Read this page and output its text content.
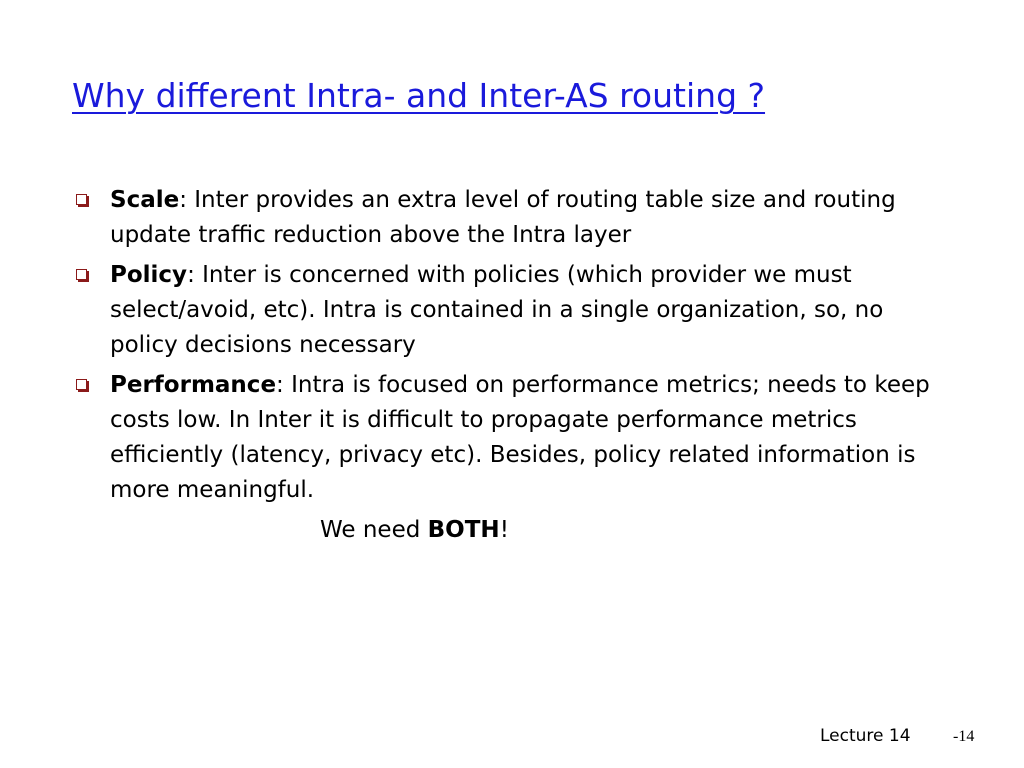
Why different Intra- and Inter-AS routing ?
Scale: Inter provides an extra level of routing table size and routing update traffic reduction above the Intra layer
Policy: Inter is concerned with policies (which provider we must select/avoid, etc). Intra is contained in a single organization, so, no policy decisions necessary
Performance: Intra is focused on performance metrics; needs to keep costs low. In Inter it is difficult to propagate performance metrics efficiently (latency, privacy etc). Besides, policy related information is more meaningful.
We need BOTH!
Lecture 14	-14
